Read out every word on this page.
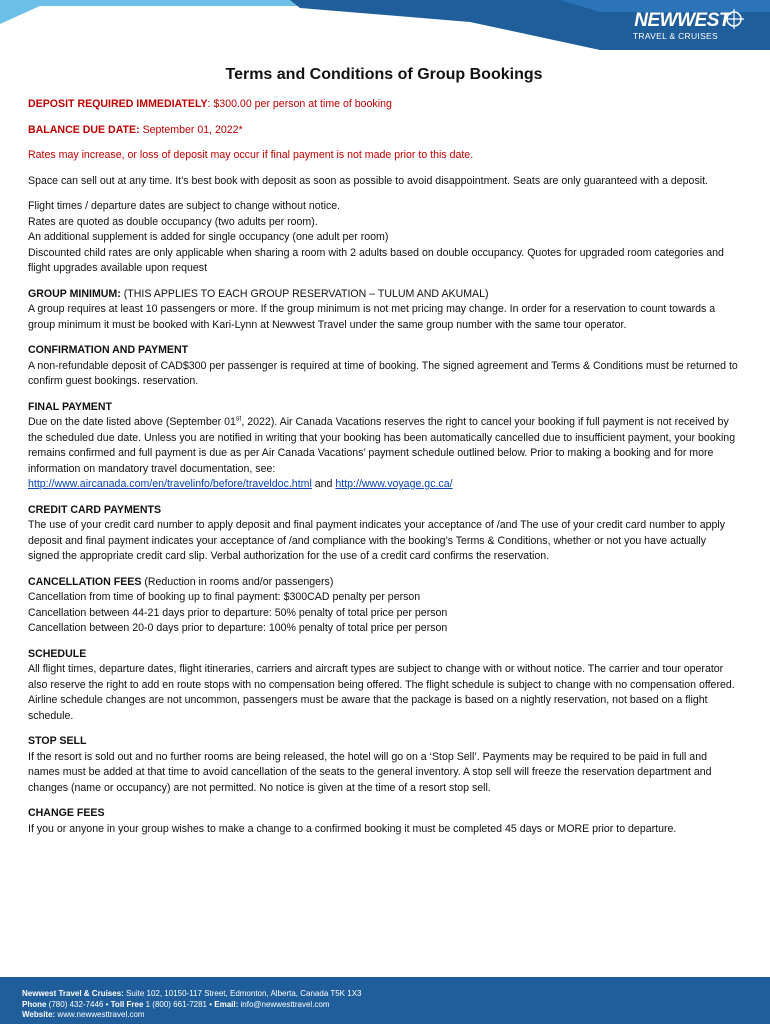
NEWWEST
TRAVEL & CRUISES
Terms and Conditions of Group Bookings

DEPOSIT REQUIRED IMMEDIATELY: $300.00 per person at time of booking

BALANCE DUE DATE: September 01, 2022*

Rates may increase, or loss of deposit may occur if final payment is not made prior to this date.

Space can sell out at any time. It’s best book with deposit as soon as possible to avoid disappointment. Seats are only guaranteed with a deposit.

Flight times / departure dates are subject to change without notice.
Rates are quoted as double occupancy (two adults per room).
An additional supplement is added for single occupancy (one adult per room)
Discounted child rates are only applicable when sharing a room with 2 adults based on double occupancy. Quotes for upgraded room categories and flight upgrades available upon request

GROUP MINIMUM: (THIS APPLIES TO EACH GROUP RESERVATION – TULUM AND AKUMAL)
A group requires at least 10 passengers or more. If the group minimum is not met pricing may change. In order for a reservation to count towards a group minimum it must be booked with Kari-Lynn at Newwest Travel under the same group number with the same tour operator.
CONFIRMATION AND PAYMENT
A non-refundable deposit of CAD$300 per passenger is required at time of booking. The signed agreement and Terms & Conditions must be returned to confirm guest bookings. reservation.
FINAL PAYMENT
Due on the date listed above (September 01st, 2022). Air Canada Vacations reserves the right to cancel your booking if full payment is not received by the scheduled due date. Unless you are notified in writing that your booking has been automatically cancelled due to insufficient payment, your booking remains confirmed and full payment is due as per Air Canada Vacations’ payment schedule outlined below. Prior to making a booking and for more information on mandatory travel documentation, see:
http://www.aircanada.com/en/travelinfo/before/traveldoc.html and http://www.voyage.gc.ca/
CREDIT CARD PAYMENTS
The use of your credit card number to apply deposit and final payment indicates your acceptance of /and The use of your credit card number to apply deposit and final payment indicates your acceptance of /and compliance with the booking’s Terms & Conditions, whether or not you have actually signed the appropriate credit card slip. Verbal authorization for the use of a credit card confirms the reservation.
CANCELLATION FEES (Reduction in rooms and/or passengers)
Cancellation from time of booking up to final payment: $300CAD penalty per person
Cancellation between 44-21 days prior to departure: 50% penalty of total price per person
Cancellation between 20-0 days prior to departure: 100% penalty of total price per person
SCHEDULE
All flight times, departure dates, flight itineraries, carriers and aircraft types are subject to change with or without notice. The carrier and tour operator also reserve the right to add en route stops with no compensation being offered. The flight schedule is subject to change with no compensation offered. Airline schedule changes are not uncommon, passengers must be aware that the package is based on a nightly reservation, not based on a flight schedule.
STOP SELL
If the resort is sold out and no further rooms are being released, the hotel will go on a ‘Stop Sell’. Payments may be required to be paid in full and names must be added at that time to avoid cancellation of the seats to the general inventory. A stop sell will freeze the reservation department and changes (name or occupancy) are not permitted. No notice is given at the time of a resort stop sell.
CHANGE FEES
If you or anyone in your group wishes to make a change to a confirmed booking it must be completed 45 days or MORE prior to departure.
Newwest Travel & Cruises: Suite 102, 10150-117 Street, Edmonton, Alberta, Canada T5K 1X3
Phone (780) 432-7446 • Toll Free 1 (800) 661-7281 • Email: info@newwesttravel.com
Website: www.newwesttravel.com
